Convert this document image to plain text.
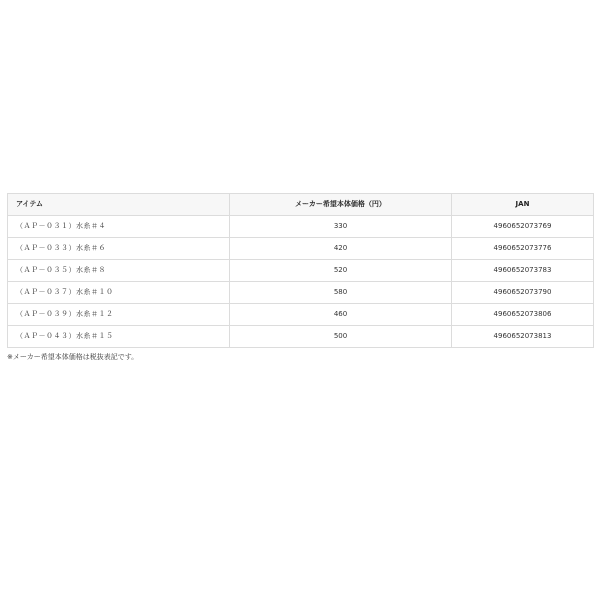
アイテム	メーカー希望本体価格（円）	JAN
（ＡＰ－０３１）水糸＃４	330	4960652073769
（ＡＰ－０３３）水糸＃６	420	4960652073776
（ＡＰ－０３５）水糸＃８	520	4960652073783
（ＡＰ－０３７）水糸＃１０	580	4960652073790
（ＡＰ－０３９）水糸＃１２	460	4960652073806
（ＡＰ－０４３）水糸＃１５	500	4960652073813
※メーカー希望本体価格は税抜表記です。
